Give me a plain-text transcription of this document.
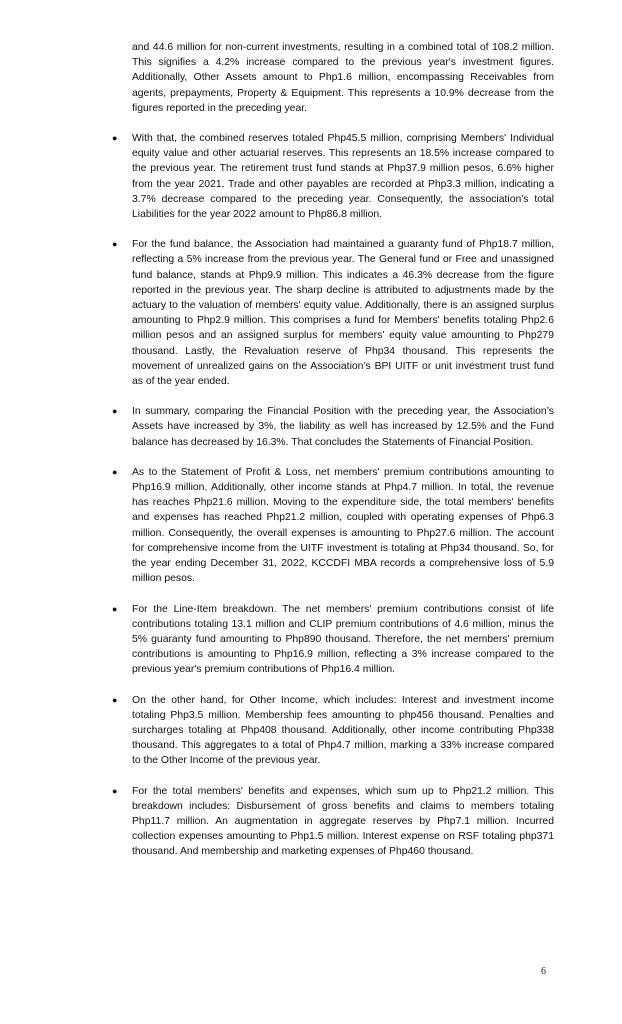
and 44.6 million for non-current investments, resulting in a combined total of 108.2 million. This signifies a 4.2% increase compared to the previous year's investment figures. Additionally, Other Assets amount to Php1.6 million, encompassing Receivables from agents, prepayments, Property & Equipment. This represents a 10.9% decrease from the figures reported in the preceding year.

● With that, the combined reserves totaled Php45.5 million, comprising Members' Individual equity value and other actuarial reserves. This represents an 18.5% increase compared to the previous year. The retirement trust fund stands at Php37.9 million pesos, 6.6% higher from the year 2021. Trade and other payables are recorded at Php3.3 million, indicating a 3.7% decrease compared to the preceding year. Consequently, the association's total Liabilities for the year 2022 amount to Php86.8 million.
● For the fund balance, the Association had maintained a guaranty fund of Php18.7 million, reflecting a 5% increase from the previous year. The General fund or Free and unassigned fund balance, stands at Php9.9 million. This indicates a 46.3% decrease from the figure reported in the previous year. The sharp decline is attributed to adjustments made by the actuary to the valuation of members' equity value. Additionally, there is an assigned surplus amounting to Php2.9 million. This comprises a fund for Members' benefits totaling Php2.6 million pesos and an assigned surplus for members' equity value amounting to Php279 thousand. Lastly, the Revaluation reserve of Php34 thousand. This represents the movement of unrealized gains on the Association’s BPI UITF or unit investment trust fund as of the year ended.
● In summary, comparing the Financial Position with the preceding year, the Association’s Assets have increased by 3%, the liability as well has increased by 12.5% and the Fund balance has decreased by 16.3%. That concludes the Statements of Financial Position.
● As to the Statement of Profit & Loss, net members' premium contributions amounting to Php16.9 million. Additionally, other income stands at Php4.7 million. In total, the revenue has reaches Php21.6 million. Moving to the expenditure side, the total members' benefits and expenses has reached Php21.2 million, coupled with operating expenses of Php6.3 million. Consequently, the overall expenses is amounting to Php27.6 million. The account for comprehensive income from the UITF investment is totaling at Php34 thousand. So, for the year ending December 31, 2022, KCCDFI MBA records a comprehensive loss of 5.9 million pesos.
● For the Line-Item breakdown. The net members' premium contributions consist of life contributions totaling 13.1 million and CLIP premium contributions of 4.6 million, minus the 5% guaranty fund amounting to Php890 thousand. Therefore, the net members' premium contributions is amounting to Php16.9 million, reflecting a 3% increase compared to the previous year's premium contributions of Php16.4 million.
● On the other hand, for Other Income, which includes: Interest and investment income totaling Php3.5 million. Membership fees amounting to php456 thousand. Penalties and surcharges totaling at Php408 thousand. Additionally, other income contributing Php338 thousand. This aggregates to a total of Php4.7 million, marking a 33% increase compared to the Other Income of the previous year.
● For the total members' benefits and expenses, which sum up to Php21.2 million. This breakdown includes: Disbursement of gross benefits and claims to members totaling Php11.7 million. An augmentation in aggregate reserves by Php7.1 million. Incurred collection expenses amounting to Php1.5 million. Interest expense on RSF totaling php371 thousand. And membership and marketing expenses of Php460 thousand.
6
